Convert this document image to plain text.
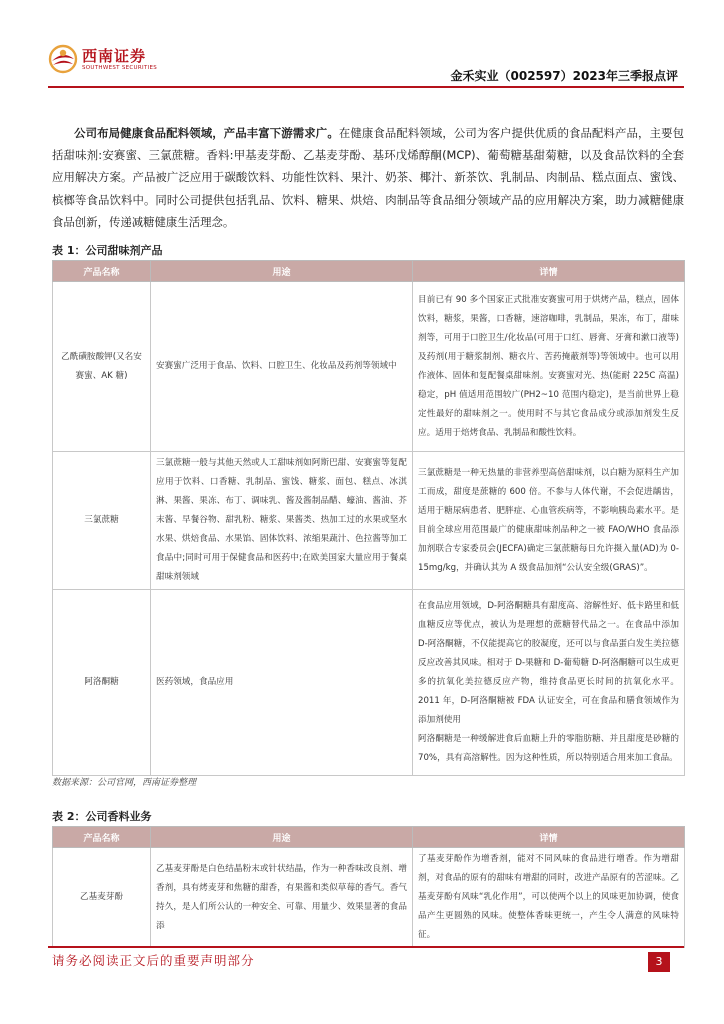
西南证券
SOUTHWEST SECURITIES
金禾实业（002597）2023年三季报点评
公司布局健康食品配料领域，产品丰富下游需求广。在健康食品配料领域，公司为客户提供优质的食品配料产品，主要包括甜味剂:安赛蜜、三氯蔗糖。香料:甲基麦芽酚、乙基麦芽酚、基环戊烯醇酮(MCP)、葡萄糖基甜菊糖，以及食品饮料的全套应用解决方案。产品被广泛应用于碳酸饮料、功能性饮料、果汁、奶茶、椰汁、新茶饮、乳制品、肉制品、糕点面点、蜜饯、槟榔等食品饮料中。同时公司提供包括乳品、饮料、糖果、烘焙、肉制品等食品细分领域产品的应用解决方案，助力减糖健康食品创新，传递减糖健康生活理念。
表 1：公司甜味剂产品
产品名称	用途	详情
乙酰磺胺酸钾(又名安赛蜜、AK 糖)	安赛蜜广泛用于食品、饮料、口腔卫生、化妆品及药剂等领域中	目前已有 90 多个国家正式批准安赛蜜可用于烘烤产品，糕点，固体饮料，糖浆，果酱，口香糖，速溶咖啡，乳制品，果冻，布丁，甜味剂等，可用于口腔卫生/化妆品(可用于口红、唇膏、牙膏和漱口液等)及药剂(用于糖浆制剂、糖衣片、苦药掩蔽剂等)等领域中。也可以用作液体、固体和复配餐桌甜味剂。安赛蜜对光、热(能耐 225C 高温)稳定，pH 值适用范围较广(PH2~10 范围内稳定)，是当前世界上稳定性最好的甜味剂之一。使用时不与其它食品成分或添加剂发生反应。适用于焙烤食品、乳制品和酸性饮料。
三氯蔗糖	三氯蔗糖一般与其他天然或人工甜味剂如阿斯巴甜、安赛蜜等复配应用于饮料、口香糖、乳制品、蜜饯、糖浆、面包、糕点、冰淇淋、果酱、果冻、布丁、调味乳、酱及酱制品醋、蠔油、酱油、芥末酱、早餐谷物、甜乳粉、糖浆、果酱类、热加工过的水果或坚水水果、烘焙食品、水果馅、固体饮料、浓缩果蔬汁、色拉酱等加工食品中;同时可用于保健食品和医药中;在欧美国家大量应用于餐桌甜味剂领域	三氯蔗糖是一种无热量的非营养型高倍甜味剂，以白糖为原料生产加工而成，甜度是蔗糖的 600 倍。不参与人体代谢，不会促进龋齿，适用于糖尿病患者、肥胖症、心血管疾病等，不影响胰岛素水平。是目前全球应用范围最广的健康甜味剂品种之一被 FAO/WHO 食品添加剂联合专家委员会(JECFA)确定三氯蔗糖每日允许摄入量(AD)为 0-15mg/kg，并确认其为 A 级食品加剂“公认安全级(GRAS)”。
阿洛酮糖	医药领域，食品应用	在食品应用领域，D-阿洛酮糖具有甜度高、溶解性好、低卡路里和低血糖反应等优点，被认为是理想的蔗糖替代品之一。在食品中添加 D-阿洛酮糖，不仅能提高它的胶凝度，还可以与食品蛋白发生美拉德反应改善其风味。相对于 D-果糖和 D-葡萄糖 D-阿洛酮糖可以生成更多的抗氧化美拉德反应产物，维持食品更长时间的抗氧化水平。2011 年，D-阿洛酮糖被 FDA 认证安全，可在食品和膳食领域作为添加剂使用
阿洛酮糖是一种缓解进食后血糖上升的零脂肪糖、并且甜度是砂糖的 70%，具有高溶解性。因为这种性质，所以特别适合用来加工食品。
数据来源：公司官网，西南证券整理
表 2：公司香料业务
产品名称	用途	详情
乙基麦芽酚	乙基麦芽酚是白色结晶粉末或针状结晶，作为一种香味改良剂、增香剂，具有烤麦芽和焦糖的甜香，有果酱和类似草莓的香气。香气持久，是人们所公认的一种安全、可靠、用量少、效果显著的食品添	了基麦芽酚作为增香剂，能对不同风味的食品进行增香。作为增甜剂，对食品的原有的甜味有增甜的同时，改进产品原有的苦涩味。乙基麦芽酚有风味“乳化作用”，可以使两个以上的风味更加协调，使食品产生更圆熟的风味。使整体香味更统一，产生令人满意的风味特征。
请务必阅读正文后的重要声明部分	3
